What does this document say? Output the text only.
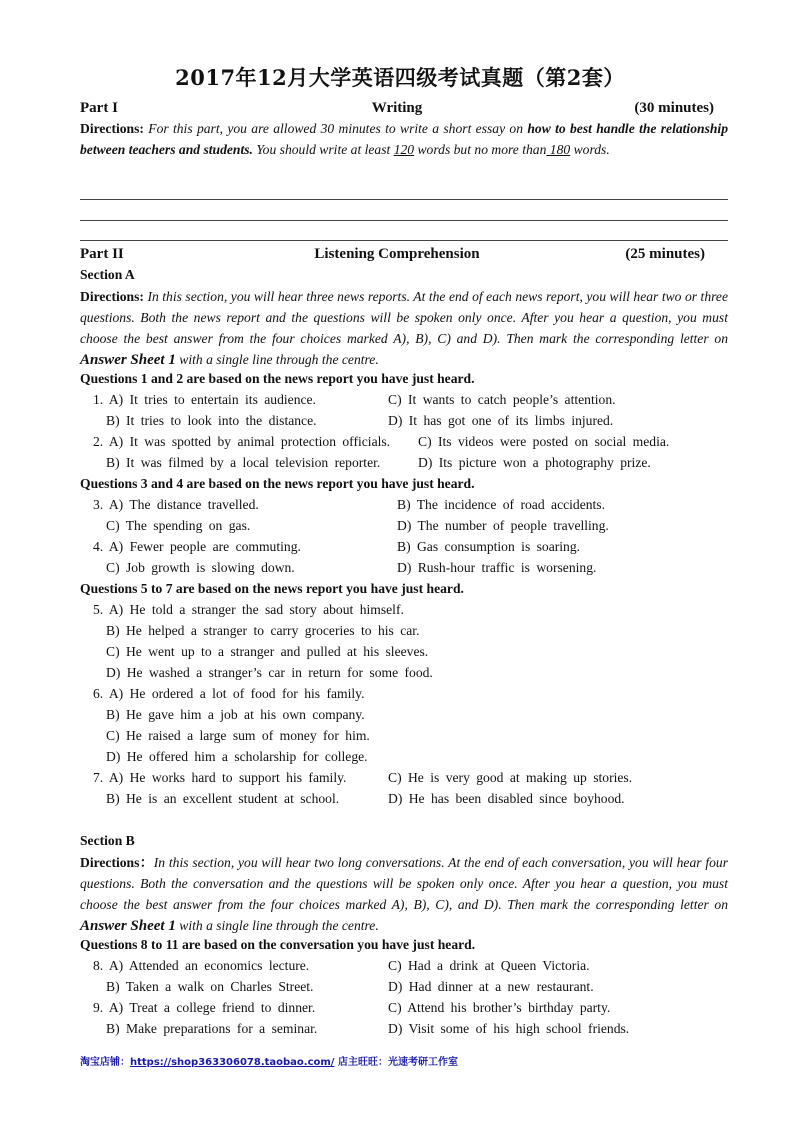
2017年12月大学英语四级考试真题（第2套）
Part I	Writing	(30 minutes)
Directions: For this part, you are allowed 30 minutes to write a short essay on how to best handle the relationship between teachers and students. You should write at least 120 words but no more than 180 words.
Part II	Listening Comprehension	(25 minutes)
Section A
Directions: In this section, you will hear three news reports. At the end of each news report, you will hear two or three questions. Both the news report and the questions will be spoken only once. After you hear a question, you must choose the best answer from the four choices marked A), B), C) and D). Then mark the corresponding letter on Answer Sheet 1 with a single line through the centre.
Questions 1 and 2 are based on the news report you have just heard.
1. A) It tries to entertain its audience.	C) It wants to catch people’s attention.
B) It tries to look into the distance.	D) It has got one of its limbs injured.
2. A) It was spotted by animal protection officials. C) Its videos were posted on social media.
B) It was filmed by a local television reporter.	D) Its picture won a photography prize.
Questions 3 and 4 are based on the news report you have just heard.
3. A) The distance travelled.	B) The incidence of road accidents.
C) The spending on gas.	D) The number of people travelling.
4. A) Fewer people are commuting.	B) Gas consumption is soaring.
C) Job growth is slowing down.	D) Rush-hour traffic is worsening.
Questions 5 to 7 are based on the news report you have just heard.
5. A) He told a stranger the sad story about himself.
B) He helped a stranger to carry groceries to his car.
C) He went up to a stranger and pulled at his sleeves.
D) He washed a stranger’s car in return for some food.
6. A) He ordered a lot of food for his family.
B) He gave him a job at his own company.
C) He raised a large sum of money for him.
D) He offered him a scholarship for college.
7. A) He works hard to support his family.	C) He is very good at making up stories.
B) He is an excellent student at school.	D) He has been disabled since boyhood.
Section B
Directions：In this section, you will hear two long conversations. At the end of each conversation, you will hear four questions. Both the conversation and the questions will be spoken only once. After you hear a question, you must choose the best answer from the four choices marked A), B), C), and D). Then mark the corresponding letter on Answer Sheet 1 with a single line through the centre.
Questions 8 to 11 are based on the conversation you have just heard.
8. A) Attended an economics lecture.	C) Had a drink at Queen Victoria.
B) Taken a walk on Charles Street.	D) Had dinner at a new restaurant.
9. A) Treat a college friend to dinner.	C) Attend his brother’s birthday party.
B) Make preparations for a seminar.	D) Visit some of his high school friends.
淘宝店铺：https://shop363306078.taobao.com/ 店主旺旺：光速考研工作室
